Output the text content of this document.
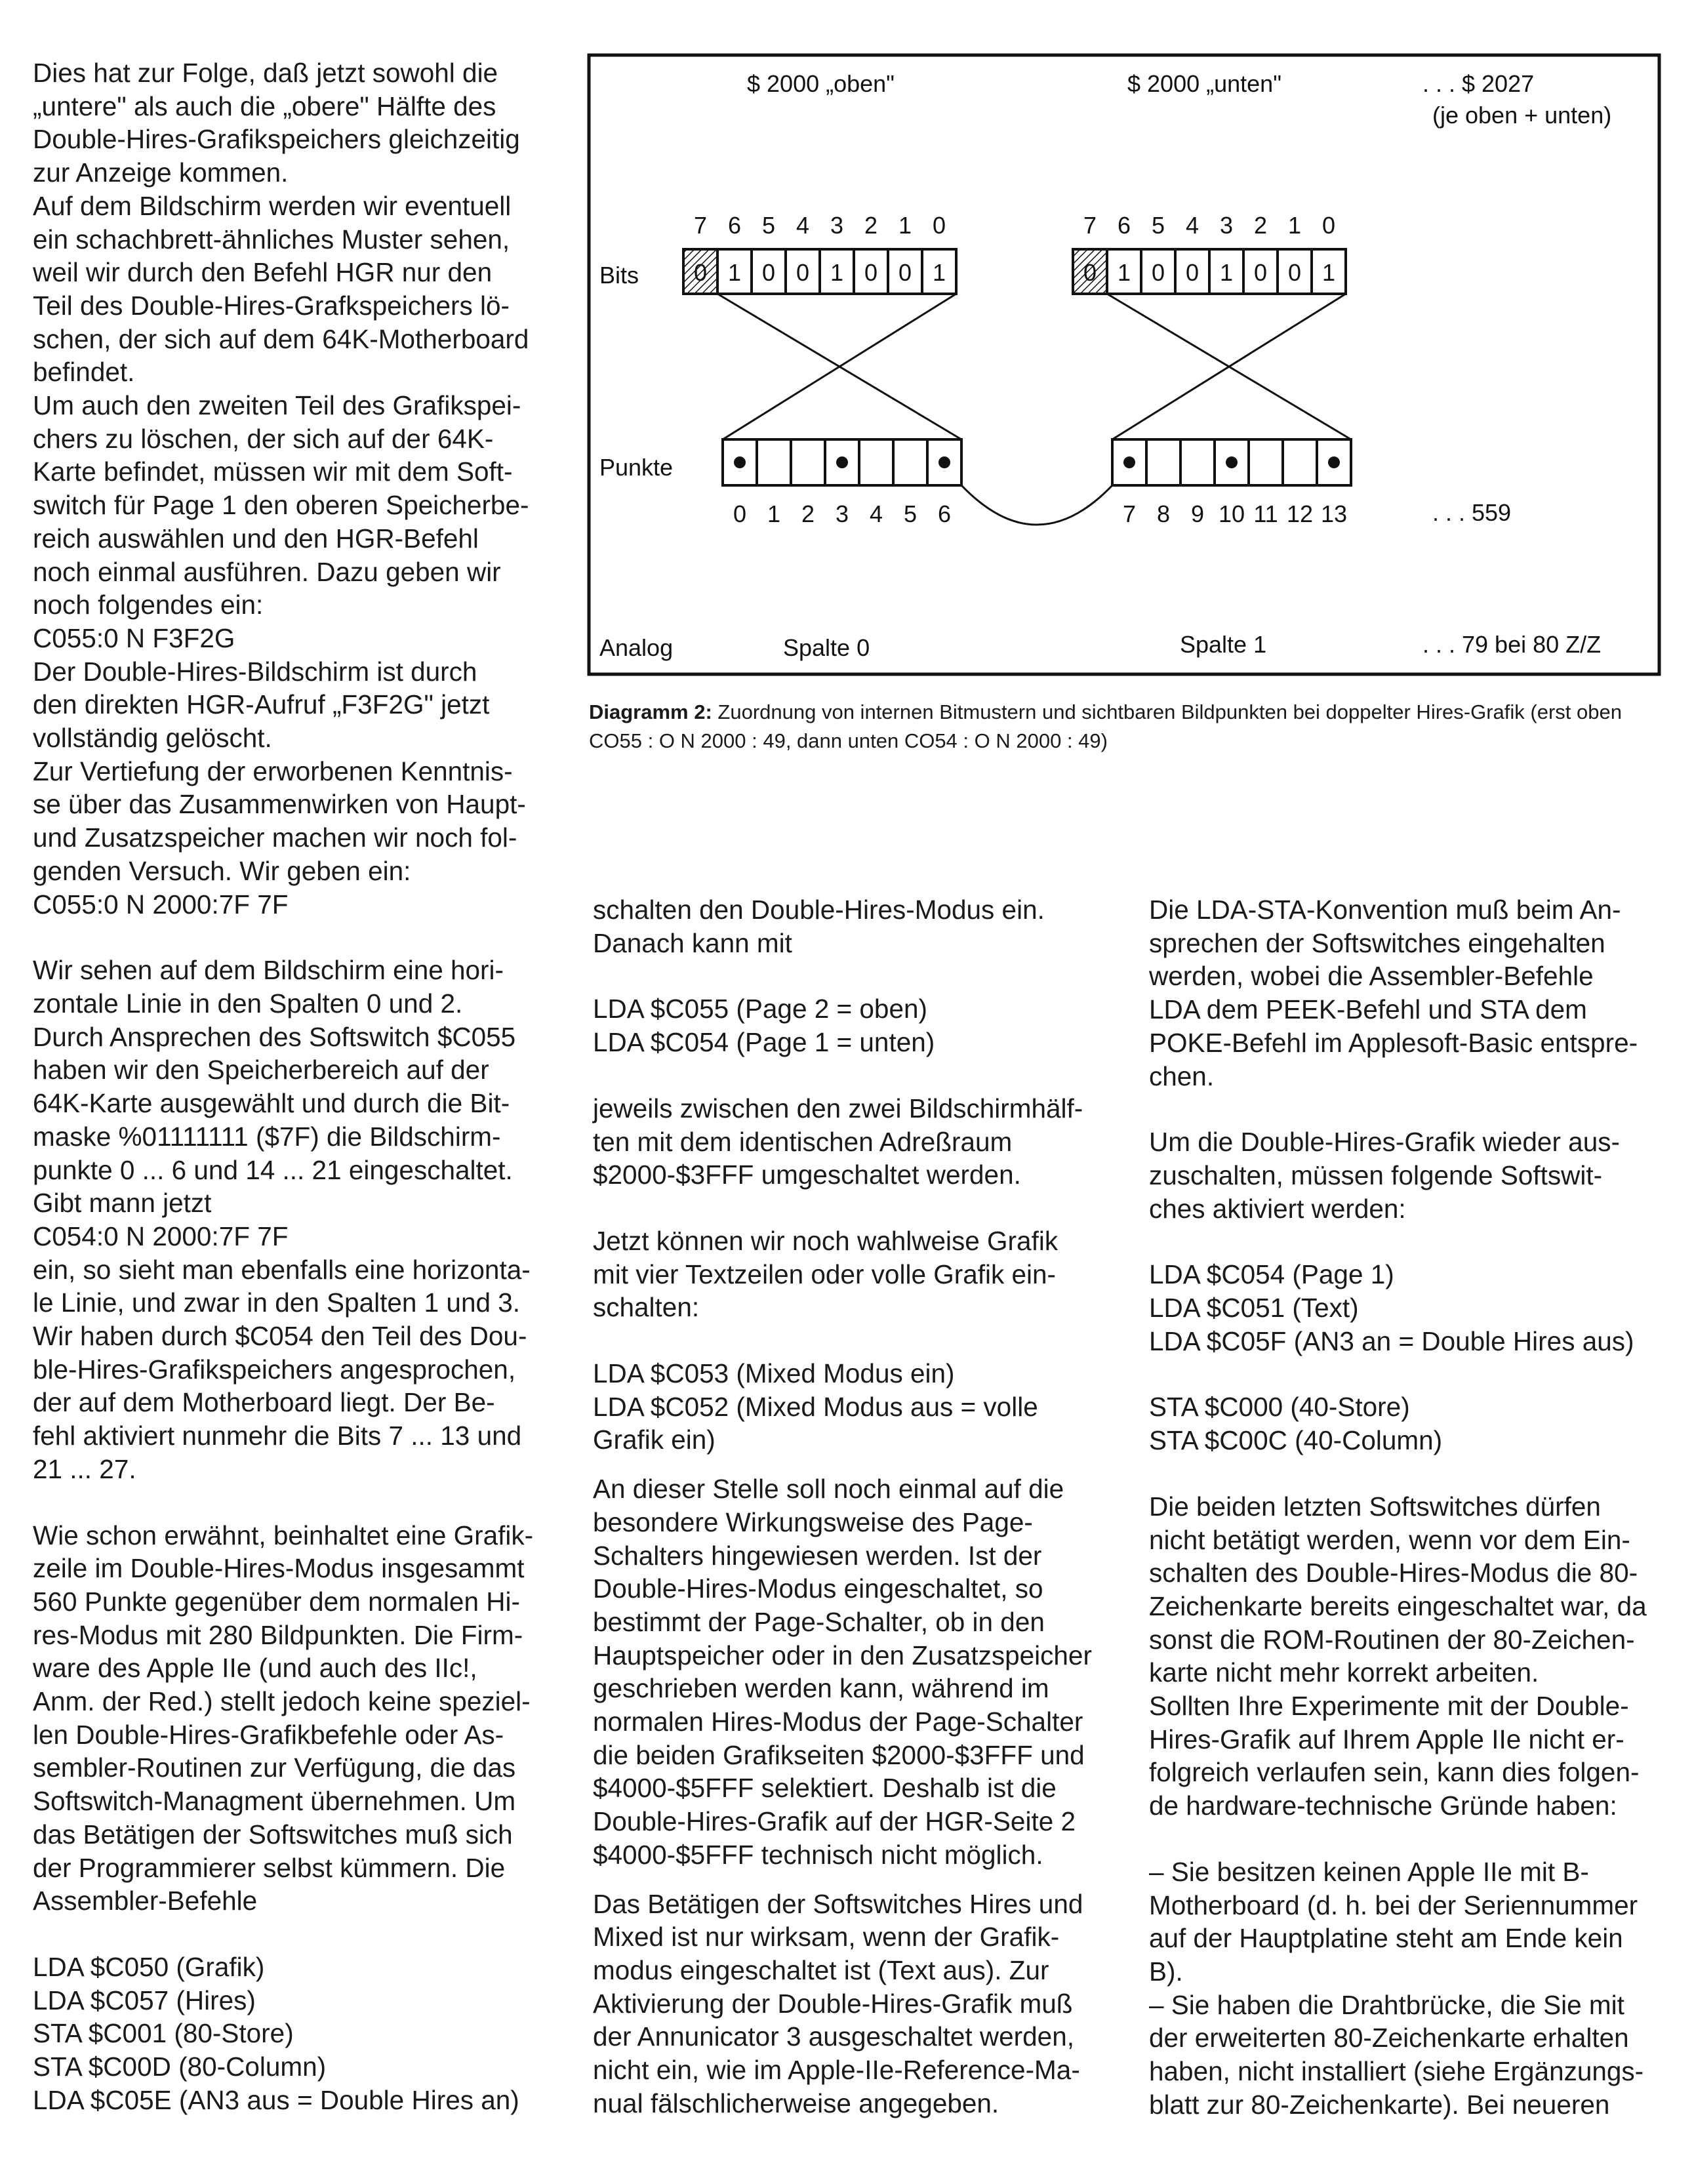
Dies hat zur Folge, daß jetzt sowohl die
„untere" als auch die „obere" Hälfte des
Double-Hires-Grafikspeichers gleichzeitig
zur Anzeige kommen.
Auf dem Bildschirm werden wir eventuell
ein schachbrett-ähnliches Muster sehen,
weil wir durch den Befehl HGR nur den
Teil des Double-Hires-Grafkspeichers lö-
schen, der sich auf dem 64K-Motherboard
befindet.
Um auch den zweiten Teil des Grafikspei-
chers zu löschen, der sich auf der 64K-
Karte befindet, müssen wir mit dem Soft-
switch für Page 1 den oberen Speicherbe-
reich auswählen und den HGR-Befehl
noch einmal ausführen. Dazu geben wir
noch folgendes ein:
C055:0 N F3F2G
Der Double-Hires-Bildschirm ist durch
den direkten HGR-Aufruf „F3F2G" jetzt
vollständig gelöscht.
Zur Vertiefung der erworbenen Kenntnis-
se über das Zusammenwirken von Haupt-
und Zusatzspeicher machen wir noch fol-
genden Versuch. Wir geben ein:
C055:0 N 2000:7F 7F
Wir sehen auf dem Bildschirm eine hori-
zontale Linie in den Spalten 0 und 2.
Durch Ansprechen des Softswitch $C055
haben wir den Speicherbereich auf der
64K-Karte ausgewählt und durch die Bit-
maske %01111111 ($7F) die Bildschirm-
punkte 0 ... 6 und 14 ... 21 eingeschaltet.
Gibt mann jetzt
C054:0 N 2000:7F 7F
ein, so sieht man ebenfalls eine horizonta-
le Linie, und zwar in den Spalten 1 und 3.
Wir haben durch $C054 den Teil des Dou-
ble-Hires-Grafikspeichers angesprochen,
der auf dem Motherboard liegt. Der Be-
fehl aktiviert nunmehr die Bits 7 ... 13 und
21 ... 27.
Wie schon erwähnt, beinhaltet eine Grafik-
zeile im Double-Hires-Modus insgesammt
560 Punkte gegenüber dem normalen Hi-
res-Modus mit 280 Bildpunkten. Die Firm-
ware des Apple IIe (und auch des IIc!,
Anm. der Red.) stellt jedoch keine speziel-
len Double-Hires-Grafikbefehle oder As-
sembler-Routinen zur Verfügung, die das
Softswitch-Managment übernehmen. Um
das Betätigen der Softswitches muß sich
der Programmierer selbst kümmern. Die
Assembler-Befehle
LDA $C050 (Grafik)
LDA $C057 (Hires)
STA $C001 (80-Store)
STA $C00D (80-Column)
LDA $C05E (AN3 aus = Double Hires an)
$ 2000 „oben"	$ 2000 „unten"	. . . $ 2027
(je oben + unten)
Bits
Punkte
7 6 5 4 3 2 1 0
0 1 0 0 1 0 0 1
7 6 5 4 3 2 1 0
0 1 0 0 1 0 0 1
0 1 2 3 4 5 6	7 8 9 10 11 12 13	. . . 559
Analog	Spalte 0	Spalte 1	. . . 79 bei 80 Z/Z
Diagramm 2: Zuordnung von internen Bitmustern und sichtbaren Bildpunkten bei doppelter Hires-Grafik (erst oben CO55 : O N 2000 : 49, dann unten CO54 : O N 2000 : 49)
schalten den Double-Hires-Modus ein.
Danach kann mit
LDA $C055 (Page 2 = oben)
LDA $C054 (Page 1 = unten)
jeweils zwischen den zwei Bildschirmhälf-
ten mit dem identischen Adreßraum
$2000-$3FFF umgeschaltet werden.
Jetzt können wir noch wahlweise Grafik
mit vier Textzeilen oder volle Grafik ein-
schalten:
LDA $C053 (Mixed Modus ein)
LDA $C052 (Mixed Modus aus = volle
Grafik ein)
An dieser Stelle soll noch einmal auf die
besondere Wirkungsweise des Page-
Schalters hingewiesen werden. Ist der
Double-Hires-Modus eingeschaltet, so
bestimmt der Page-Schalter, ob in den
Hauptspeicher oder in den Zusatzspeicher
geschrieben werden kann, während im
normalen Hires-Modus der Page-Schalter
die beiden Grafikseiten $2000-$3FFF und
$4000-$5FFF selektiert. Deshalb ist die
Double-Hires-Grafik auf der HGR-Seite 2
$4000-$5FFF technisch nicht möglich.
Das Betätigen der Softswitches Hires und
Mixed ist nur wirksam, wenn der Grafik-
modus eingeschaltet ist (Text aus). Zur
Aktivierung der Double-Hires-Grafik muß
der Annunicator 3 ausgeschaltet werden,
nicht ein, wie im Apple-IIe-Reference-Ma-
nual fälschlicherweise angegeben.
Die LDA-STA-Konvention muß beim An-
sprechen der Softswitches eingehalten
werden, wobei die Assembler-Befehle
LDA dem PEEK-Befehl und STA dem
POKE-Befehl im Applesoft-Basic entspre-
chen.
Um die Double-Hires-Grafik wieder aus-
zuschalten, müssen folgende Softswit-
ches aktiviert werden:
LDA $C054 (Page 1)
LDA $C051 (Text)
LDA $C05F (AN3 an = Double Hires aus)
STA $C000 (40-Store)
STA $C00C (40-Column)
Die beiden letzten Softswitches dürfen
nicht betätigt werden, wenn vor dem Ein-
schalten des Double-Hires-Modus die 80-
Zeichenkarte bereits eingeschaltet war, da
sonst die ROM-Routinen der 80-Zeichen-
karte nicht mehr korrekt arbeiten.
Sollten Ihre Experimente mit der Double-
Hires-Grafik auf Ihrem Apple IIe nicht er-
folgreich verlaufen sein, kann dies folgen-
de hardware-technische Gründe haben:
– Sie besitzen keinen Apple IIe mit B-
Motherboard (d. h. bei der Seriennummer
auf der Hauptplatine steht am Ende kein
B).
– Sie haben die Drahtbrücke, die Sie mit
der erweiterten 80-Zeichenkarte erhalten
haben, nicht installiert (siehe Ergänzungs-
blatt zur 80-Zeichenkarte). Bei neueren
